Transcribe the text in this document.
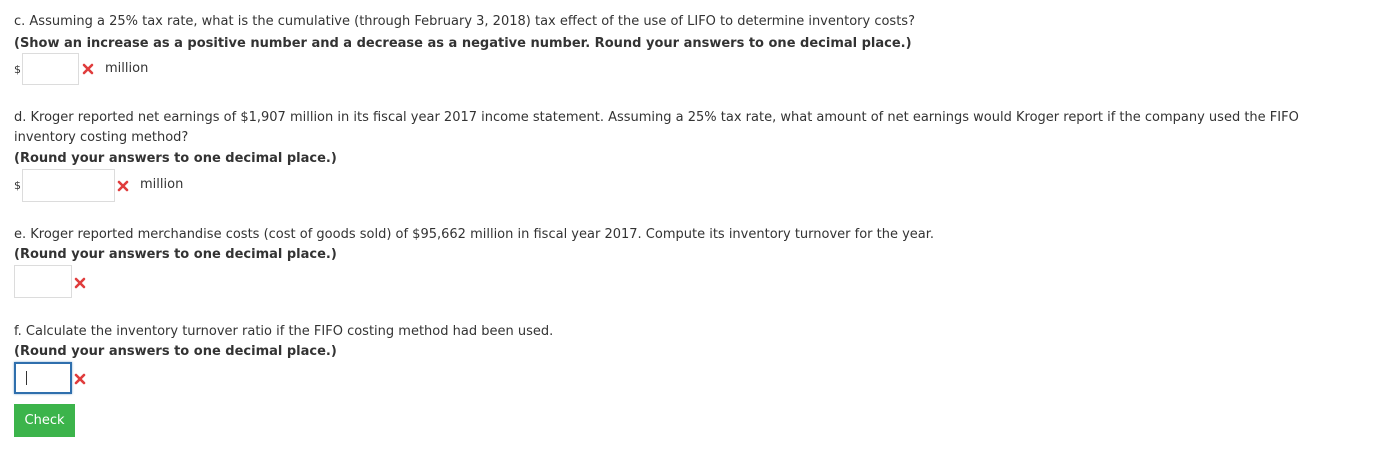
c. Assuming a 25% tax rate, what is the cumulative (through February 3, 2018) tax effect of the use of LIFO to determine inventory costs?
(Show an increase as a positive number and a decrease as a negative number. Round your answers to one decimal place.)
$	million
d. Kroger reported net earnings of $1,907 million in its fiscal year 2017 income statement. Assuming a 25% tax rate, what amount of net earnings would Kroger report if the company used the FIFO inventory costing method?
(Round your answers to one decimal place.)
$	million
e. Kroger reported merchandise costs (cost of goods sold) of $95,662 million in fiscal year 2017. Compute its inventory turnover for the year.
(Round your answers to one decimal place.)
f. Calculate the inventory turnover ratio if the FIFO costing method had been used.
(Round your answers to one decimal place.)
Check
